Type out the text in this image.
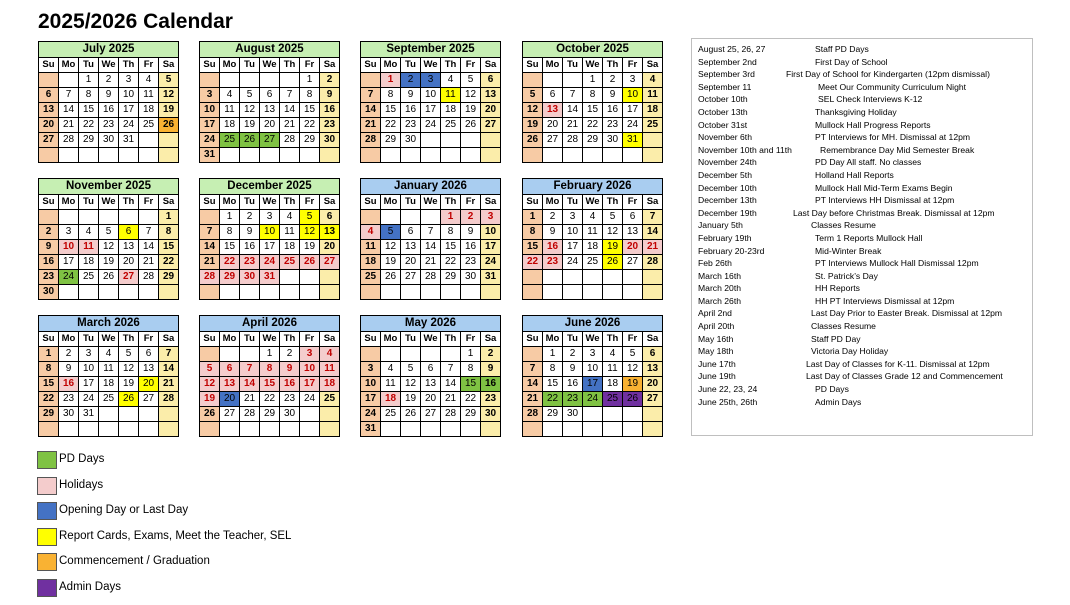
2025/2026 Calendar
July 2025
Su	Mo	Tu	We	Th	Fr	Sa
		1	2	3	4	5
6	7	8	9	10	11	12
13	14	15	16	17	18	19
20	21	22	23	24	25	26
27	28	29	30	31		

August 2025
Su	Mo	Tu	We	Th	Fr	Sa
					1	2
3	4	5	6	7	8	9
10	11	12	13	14	15	16
17	18	19	20	21	22	23
24	25	26	27	28	29	30
31						
September 2025
Su	Mo	Tu	We	Th	Fr	Sa
	1	2	3	4	5	6
7	8	9	10	11	12	13
14	15	16	17	18	19	20
21	22	23	24	25	26	27
28	29	30				

October 2025
Su	Mo	Tu	We	Th	Fr	Sa
			1	2	3	4
5	6	7	8	9	10	11
12	13	14	15	16	17	18
19	20	21	22	23	24	25
26	27	28	29	30	31	

November 2025
Su	Mo	Tu	We	Th	Fr	Sa
						1
2	3	4	5	6	7	8
9	10	11	12	13	14	15
16	17	18	19	20	21	22
23	24	25	26	27	28	29
30						
December 2025
Su	Mo	Tu	We	Th	Fr	Sa
	1	2	3	4	5	6
7	8	9	10	11	12	13
14	15	16	17	18	19	20
21	22	23	24	25	26	27
28	29	30	31			

January 2026
Su	Mo	Tu	We	Th	Fr	Sa
				1	2	3
4	5	6	7	8	9	10
11	12	13	14	15	16	17
18	19	20	21	22	23	24
25	26	27	28	29	30	31

February 2026
Su	Mo	Tu	We	Th	Fr	Sa
1	2	3	4	5	6	7
8	9	10	11	12	13	14
15	16	17	18	19	20	21
22	23	24	25	26	27	28

March 2026
Su	Mo	Tu	We	Th	Fr	Sa
1	2	3	4	5	6	7
8	9	10	11	12	13	14
15	16	17	18	19	20	21
22	23	24	25	26	27	28
29	30	31				

April 2026
Su	Mo	Tu	We	Th	Fr	Sa
			1	2	3	4
5	6	7	8	9	10	11
12	13	14	15	16	17	18
19	20	21	22	23	24	25
26	27	28	29	30		

May 2026
Su	Mo	Tu	We	Th	Fr	Sa
					1	2
3	4	5	6	7	8	9
10	11	12	13	14	15	16
17	18	19	20	21	22	23
24	25	26	27	28	29	30
31						
June 2026
Su	Mo	Tu	We	Th	Fr	Sa
	1	2	3	4	5	6
7	8	9	10	11	12	13
14	15	16	17	18	19	20
21	22	23	24	25	26	27
28	29	30				

August 25, 26, 27	Staff PD Days
September 2nd	First Day of School
September 3rd	First Day of School for Kindergarten (12pm dismissal)
September 11	Meet Our Community Curriculum Night
October 10th	SEL Check Interviews K-12
October 13th	Thanksgiving Holiday
October 31st	Mullock Hall Progress Reports
November 6th	PT Interviews for MH. Dismissal at 12pm
November 10th and 11th	Remembrance Day Mid Semester Break
November 24th	PD Day All staff. No classes
December 5th	Holland Hall Reports
December 10th	Mullock Hall Mid-Term Exams Begin
December 13th	PT Interviews HH Dismissal at 12pm
December 19th	Last Day before Christmas Break. Dismissal at 12pm
January 5th	Classes Resume
February 19th	Term 1 Reports Mullock Hall
February 20-23rd	Mid-Winter Break
Feb 26th	PT Interviews Mullock Hall Dismissal 12pm
March 16th	St. Patrick’s Day
March 20th	HH Reports
March 26th	HH PT Interviews Dismissal at 12pm
April 2nd	Last Day Prior to Easter Break. Dismissal at 12pm
April 20th	Classes Resume
May 16th	Staff PD Day
May 18th	Victoria Day Holiday
June 17th	Last Day of Classes for K-11. Dismissal at 12pm
June 19th	Last Day of Classes Grade 12 and Commencement
June 22, 23, 24	PD Days
June 25th, 26th	Admin Days
PD Days
Holidays
Opening Day or Last Day
Report Cards, Exams, Meet the Teacher, SEL
Commencement / Graduation
Admin Days
